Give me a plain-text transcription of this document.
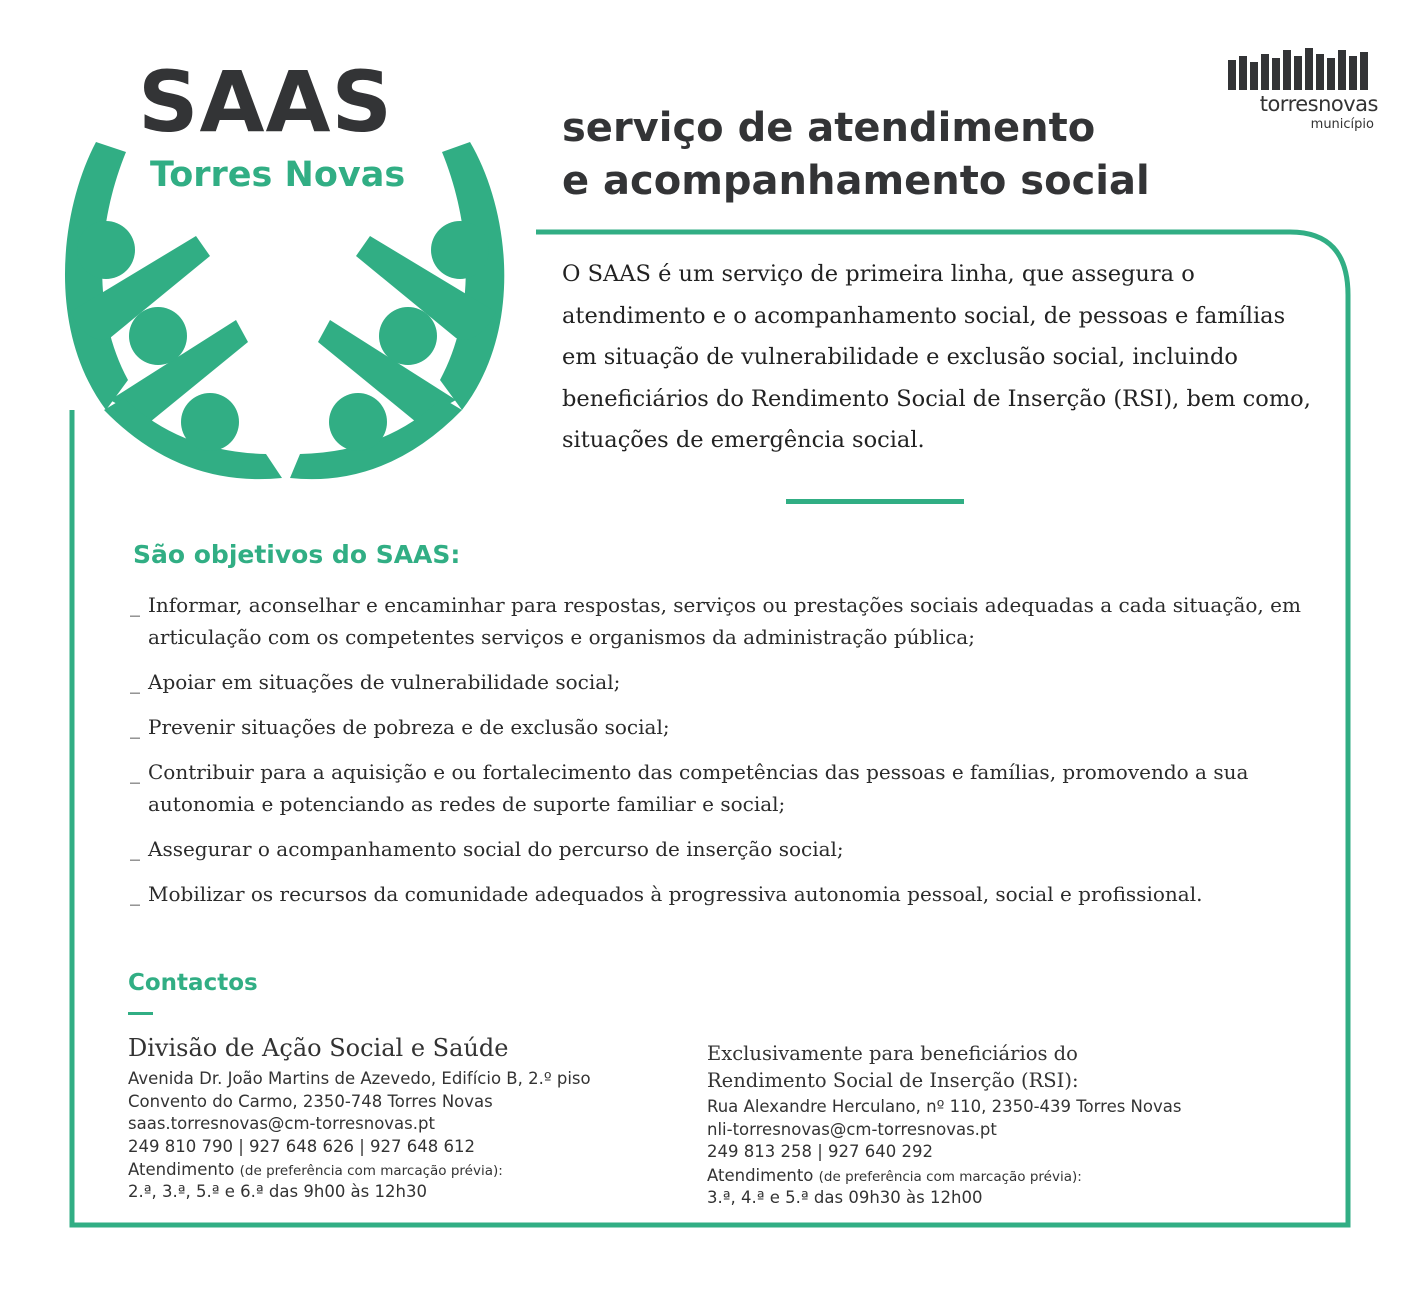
SAAS
Torres Novas
torresnovas
município
serviço de atendimento
e acompanhamento social

O SAAS é um serviço de primeira linha, que assegura o atendimento e o acompanhamento social, de pessoas e famílias em situação de vulnerabilidade e exclusão social, incluindo beneficiários do Rendimento Social de Inserção (RSI), bem como, situações de emergência social.

São objetivos do SAAS:
_ Informar, aconselhar e encaminhar para respostas, serviços ou prestações sociais adequadas a cada situação, em articulação com os competentes serviços e organismos da administração pública;
_ Apoiar em situações de vulnerabilidade social;
_ Prevenir situações de pobreza e de exclusão social;
_ Contribuir para a aquisição e ou fortalecimento das competências das pessoas e famílias, promovendo a sua autonomia e potenciando as redes de suporte familiar e social;
_ Assegurar o acompanhamento social do percurso de inserção social;
_ Mobilizar os recursos da comunidade adequados à progressiva autonomia pessoal, social e profissional.
Contactos

Divisão de Ação Social e Saúde

Avenida Dr. João Martins de Azevedo, Edifício B, 2.º piso

Convento do Carmo, 2350-748 Torres Novas

saas.torresnovas@cm-torresnovas.pt

249 810 790 | 927 648 626 | 927 648 612

Atendimento (de preferência com marcação prévia):

2.ª, 3.ª, 5.ª e 6.ª das 9h00 às 12h30

Exclusivamente para beneficiários do
Rendimento Social de Inserção (RSI):

Rua Alexandre Herculano, nº 110, 2350-439 Torres Novas

nli-torresnovas@cm-torresnovas.pt

249 813 258 | 927 640 292

Atendimento (de preferência com marcação prévia):

3.ª, 4.ª e 5.ª das 09h30 às 12h00
